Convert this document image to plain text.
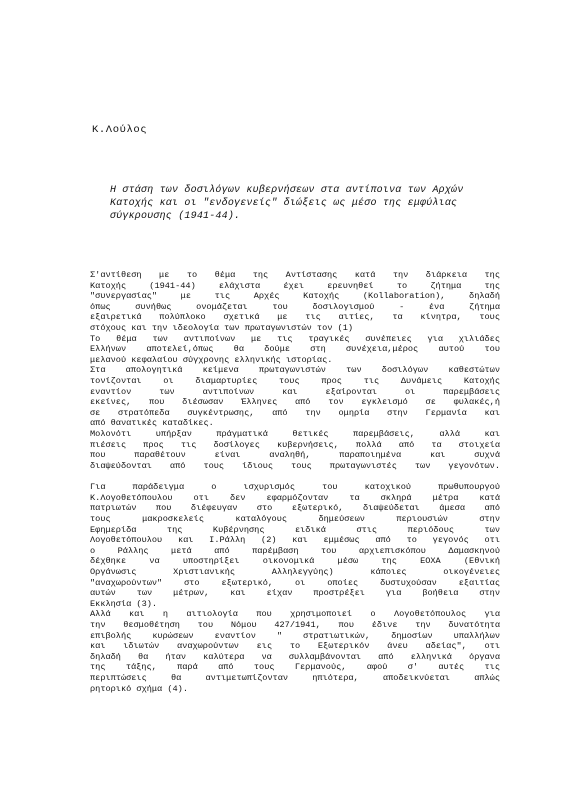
Κ.Λούλος
Η στάση των δοσιλόγων κυβερνήσεων στα αντίποινα των Αρχών
Κατοχής και οι "ενδογενείς" διώξεις ως μέσο της εμφύλιας
σύγκρουσης (1941-44).
Σ'αντίθεση με το θέμα της Αντίστασης κατά την διάρκεια της
Κατοχής (1941-44) ελάχιστα έχει ερευνηθεί το ζήτημα της
"συνεργασίας" με τις Αρχές Κατοχής (Kollaboration), δηλαδή
όπως συνήθως ονομάζεται του δοσιλογισμού - ένα ζήτημα
εξαιρετικά πολύπλοκο σχετικά με τις αιτίες, τα κίνητρα, τους
στόχους και την ιδεολογία των πρωταγωνιστών τον (1)
Το θέμα των αντιποίνων με τις τραγικές συνέπειες για χιλιάδες
Ελλήνων αποτελεί,όπως θα δούμε στη συνέχεια,μέρος αυτού του
μελανού κεφαλαίου σύγχρονης ελληνικής ιστορίας.
Στα απολογητικά κείμενα πρωταγωνιστών των δοσιλόγων καθεστώτων
τονίζονται οι διαμαρτυρίες τους προς τις Δυνάμεις Κατοχής
εναντίον των αντιποίνων και εξαίρονται οι παρεμβάσεις
εκείνες, που διέσωσαν Έλληνες από τον εγκλεισμό σε φυλακές,ή
σε στρατόπεδα συγκέντρωσης, από την ομηρία στην Γερμανία και
από θανατικές καταδίκες.
Μολονότι υπήρξαν πράγματικά θετικές παρεμβάσεις, αλλά και
πιέσεις προς τις δοσίλογες κυβερνήσεις, πολλά από τα στοιχεία
που παραθέτουν είναι αναληθή, παραποιημένα και συχνά
διαψεύδονται από τους ίδιους τους πρωταγωνιστές των γεγονότων.
Για παράδειγμα ο ισχυρισμός του κατοχικού πρωθυπουργού
Κ.Λογοθετόπουλου οτι δεν εφαρμόζονταν τα σκληρά μέτρα κατά
πατριωτών που διέφευγαν στο εξωτερικό, διαψεύδεται άμεσα από
τους μακροσκελείς καταλόγους δημεύσεων περιουσιών στην
Εφημερίδα της Κυβέρνησης ειδικά στις περιόδους των
Λογοθετόπουλου και Ι.Ράλλη (2) και εμμέσως από το γεγονός οτι
ο Ράλλης μετά από παρέμβαση του αρχιεπισκόπου Δαμασκηνού
δέχθηκε να υποστηρίξει οικονομικά μέσω της ΕΟΧΑ (Εθνική
Οργάνωσις Χριστιανικής Αλληλεγγύης) κάποιες οικογένειες
"αναχωρούντων" στο εξωτερικό, οι οποίες δυστυχούσαν εξαιτίας
αυτών των μέτρων, και είχαν προστρέξει για βοήθεια στην
Εκκλησία (3).
Αλλά και η αιτιολογία που χρησιμοποιεί ο Λογοθετόπουλος για
την θεσμοθέτηση του Νόμου 427/1941, που έδινε την δυνατότητα
επιβολής κυρώσεων εναντίον " στρατιωτικών, δημοσίων υπαλλήλων
και ιδιωτών αναχωρούντων εις το Εξωτερικόν άνευ αδείας", οτι
δηλαδή θα ήταν καλύτερα να συλλαμβάνονται από ελληνικά όργανα
της τάξης, παρά από τους Γερμανούς, αφού σ' αυτές τις
περιπτώσεις θα αντιμετωπίζονταν ηπιότερα, αποδεικνύεται απλώς
ρητορικό σχήμα (4).
